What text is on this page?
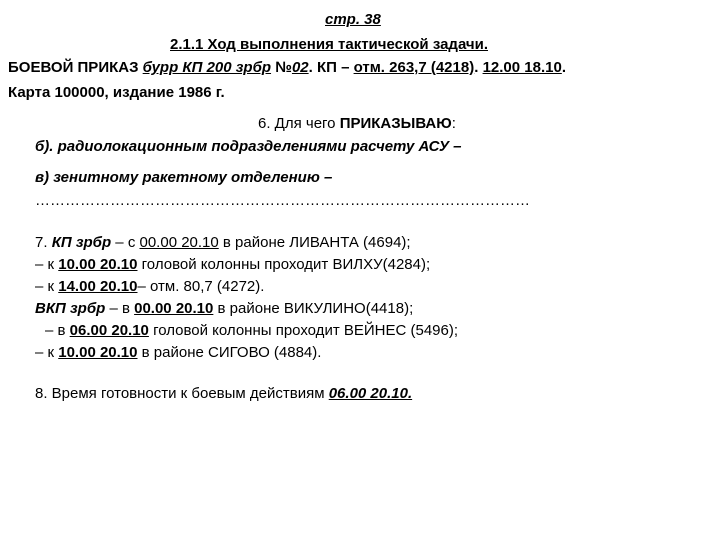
стр. 38
2.1.1 Ход выполнения тактической задачи.
БОЕВОЙ ПРИКАЗ бурр КП 200 зрбр №02. КП – отм. 263,7 (4218). 12.00 18.10.
Карта 100000, издание 1986 г.
6. Для чего ПРИКАЗЫВАЮ:
б). радиолокационным подразделениями расчету АСУ –
в) зенитному ракетному отделению –
………………………………………………………………………………………
7. КП зрбр – с 00.00 20.10 в районе ЛИВАНТА (4694);
– к 10.00 20.10 головой колонны проходит ВИЛХУ(4284);
– к 14.00 20.10– отм. 80,7 (4272).
ВКП зрбр – в 00.00 20.10 в районе ВИКУЛИНО(4418);
– в 06.00 20.10 головой колонны проходит ВЕЙНЕС (5496);
– к 10.00 20.10 в районе СИГОВО (4884).
8. Время готовности к боевым действиям 06.00 20.10.
